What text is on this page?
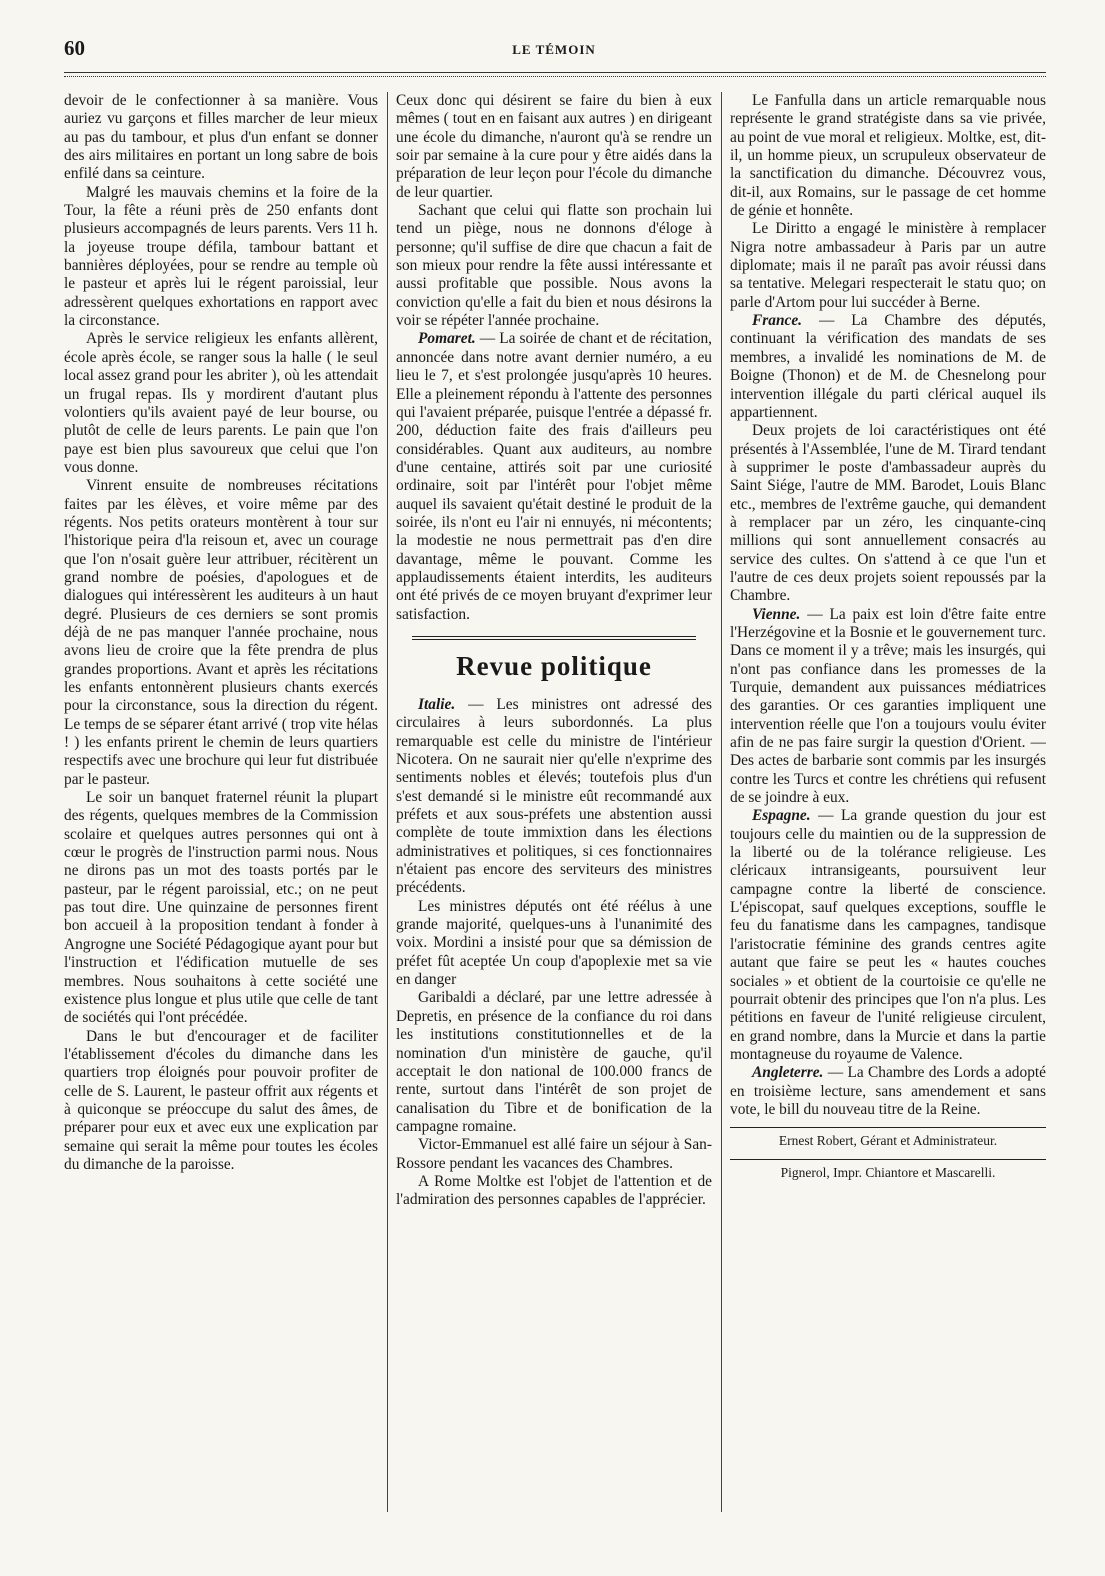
60	LE TÉMOIN

devoir de le confectionner à sa manière. Vous auriez vu garçons et filles marcher de leur mieux au pas du tambour, et plus d'un enfant se donner des airs militaires en portant un long sabre de bois enfilé dans sa ceinture.

Malgré les mauvais chemins et la foire de la Tour, la fête a réuni près de 250 enfants dont plusieurs accompagnés de leurs parents. Vers 11 h. la joyeuse troupe défila, tambour battant et bannières déployées, pour se rendre au temple où le pasteur et après lui le régent paroissial, leur adressèrent quelques exhortations en rapport avec la circonstance.

Après le service religieux les enfants allèrent, école après école, se ranger sous la halle ( le seul local assez grand pour les abriter ), où les attendait un frugal repas. Ils y mordirent d'autant plus volontiers qu'ils avaient payé de leur bourse, ou plutôt de celle de leurs parents. Le pain que l'on paye est bien plus savoureux que celui que l'on vous donne.

Vinrent ensuite de nombreuses récitations faites par les élèves, et voire même par des régents. Nos petits orateurs montèrent à tour sur l'historique peira d'la reisoun et, avec un courage que l'on n'osait guère leur attribuer, récitèrent un grand nombre de poésies, d'apologues et de dialogues qui intéressèrent les auditeurs à un haut degré. Plusieurs de ces derniers se sont promis déjà de ne pas manquer l'année prochaine, nous avons lieu de croire que la fête prendra de plus grandes proportions. Avant et après les récitations les enfants entonnèrent plusieurs chants exercés pour la circonstance, sous la direction du régent. Le temps de se séparer étant arrivé ( trop vite hélas ! ) les enfants prirent le chemin de leurs quartiers respectifs avec une brochure qui leur fut distribuée par le pasteur.

Le soir un banquet fraternel réunit la plupart des régents, quelques membres de la Commission scolaire et quelques autres personnes qui ont à cœur le progrès de l'instruction parmi nous. Nous ne dirons pas un mot des toasts portés par le pasteur, par le régent paroissial, etc.; on ne peut pas tout dire. Une quinzaine de personnes firent bon accueil à la proposition tendant à fonder à Angrogne une Société Pédagogique ayant pour but l'instruction et l'édification mutuelle de ses membres. Nous souhaitons à cette société une existence plus longue et plus utile que celle de tant de sociétés qui l'ont précédée.

Dans le but d'encourager et de faciliter l'établissement d'écoles du dimanche dans les quartiers trop éloignés pour pouvoir profiter de celle de S. Laurent, le pasteur offrit aux régents et à quiconque se préoccupe du salut des âmes, de préparer pour eux et avec eux une explication par semaine qui serait la même pour toutes les écoles du dimanche de la paroisse.

Ceux donc qui désirent se faire du bien à eux mêmes ( tout en en faisant aux autres ) en dirigeant une école du dimanche, n'auront qu'à se rendre un soir par semaine à la cure pour y être aidés dans la préparation de leur leçon pour l'école du dimanche de leur quartier.

Sachant que celui qui flatte son prochain lui tend un piège, nous ne donnons d'éloge à personne; qu'il suffise de dire que chacun a fait de son mieux pour rendre la fête aussi intéressante et aussi profitable que possible. Nous avons la conviction qu'elle a fait du bien et nous désirons la voir se répéter l'année prochaine.

Pomaret. — La soirée de chant et de récitation, annoncée dans notre avant dernier numéro, a eu lieu le 7, et s'est prolongée jusqu'après 10 heures. Elle a pleinement répondu à l'attente des personnes qui l'avaient préparée, puisque l'entrée a dépassé fr. 200, déduction faite des frais d'ailleurs peu considérables. Quant aux auditeurs, au nombre d'une centaine, attirés soit par une curiosité ordinaire, soit par l'intérêt pour l'objet même auquel ils savaient qu'était destiné le produit de la soirée, ils n'ont eu l'air ni ennuyés, ni mécontents; la modestie ne nous permettrait pas d'en dire davantage, même le pouvant. Comme les applaudissements étaient interdits, les auditeurs ont été privés de ce moyen bruyant d'exprimer leur satisfaction.

Revue politique

Italie. — Les ministres ont adressé des circulaires à leurs subordonnés. La plus remarquable est celle du ministre de l'intérieur Nicotera. On ne saurait nier qu'elle n'exprime des sentiments nobles et élevés; toutefois plus d'un s'est demandé si le ministre eût recommandé aux préfets et aux sous-préfets une abstention aussi complète de toute immixtion dans les élections administratives et politiques, si ces fonctionnaires n'étaient pas encore des serviteurs des ministres précédents.

Les ministres députés ont été réélus à une grande majorité, quelques-uns à l'unanimité des voix. Mordini a insisté pour que sa démission de préfet fût aceptée Un coup d'apoplexie met sa vie en danger

Garibaldi a déclaré, par une lettre adressée à Depretis, en présence de la confiance du roi dans les institutions constitutionnelles et de la nomination d'un ministère de gauche, qu'il acceptait le don national de 100.000 francs de rente, surtout dans l'intérêt de son projet de canalisation du Tibre et de bonification de la campagne romaine.

Victor-Emmanuel est allé faire un séjour à San-Rossore pendant les vacances des Chambres.

A Rome Moltke est l'objet de l'attention et de l'admiration des personnes capables de l'apprécier.

Le Fanfulla dans un article remarquable nous représente le grand stratégiste dans sa vie privée, au point de vue moral et religieux. Moltke, est, dit-il, un homme pieux, un scrupuleux observateur de la sanctification du dimanche. Découvrez vous, dit-il, aux Romains, sur le passage de cet homme de génie et honnête.

Le Diritto a engagé le ministère à remplacer Nigra notre ambassadeur à Paris par un autre diplomate; mais il ne paraît pas avoir réussi dans sa tentative. Melegari respecterait le statu quo; on parle d'Artom pour lui succéder à Berne.

France. — La Chambre des députés, continuant la vérification des mandats de ses membres, a invalidé les nominations de M. de Boigne (Thonon) et de M. de Chesnelong pour intervention illégale du parti clérical auquel ils appartiennent.

Deux projets de loi caractéristiques ont été présentés à l'Assemblée, l'une de M. Tirard tendant à supprimer le poste d'ambassadeur auprès du Saint Siége, l'autre de MM. Barodet, Louis Blanc etc., membres de l'extrême gauche, qui demandent à remplacer par un zéro, les cinquante-cinq millions qui sont annuellement consacrés au service des cultes. On s'attend à ce que l'un et l'autre de ces deux projets soient repoussés par la Chambre.

Vienne. — La paix est loin d'être faite entre l'Herzégovine et la Bosnie et le gouvernement turc. Dans ce moment il y a trêve; mais les insurgés, qui n'ont pas confiance dans les promesses de la Turquie, demandent aux puissances médiatrices des garanties. Or ces garanties impliquent une intervention réelle que l'on a toujours voulu éviter afin de ne pas faire surgir la question d'Orient. — Des actes de barbarie sont commis par les insurgés contre les Turcs et contre les chrétiens qui refusent de se joindre à eux.

Espagne. — La grande question du jour est toujours celle du maintien ou de la suppression de la liberté ou de la tolérance religieuse. Les cléricaux intransigeants, poursuivent leur campagne contre la liberté de conscience. L'épiscopat, sauf quelques exceptions, souffle le feu du fanatisme dans les campagnes, tandisque l'aristocratie féminine des grands centres agite autant que faire se peut les « hautes couches sociales » et obtient de la courtoisie ce qu'elle ne pourrait obtenir des principes que l'on n'a plus. Les pétitions en faveur de l'unité religieuse circulent, en grand nombre, dans la Murcie et dans la partie montagneuse du royaume de Valence.

Angleterre. — La Chambre des Lords a adopté en troisième lecture, sans amendement et sans vote, le bill du nouveau titre de la Reine.

Ernest Robert, Gérant et Administrateur.

Pignerol, Impr. Chiantore et Mascarelli.
